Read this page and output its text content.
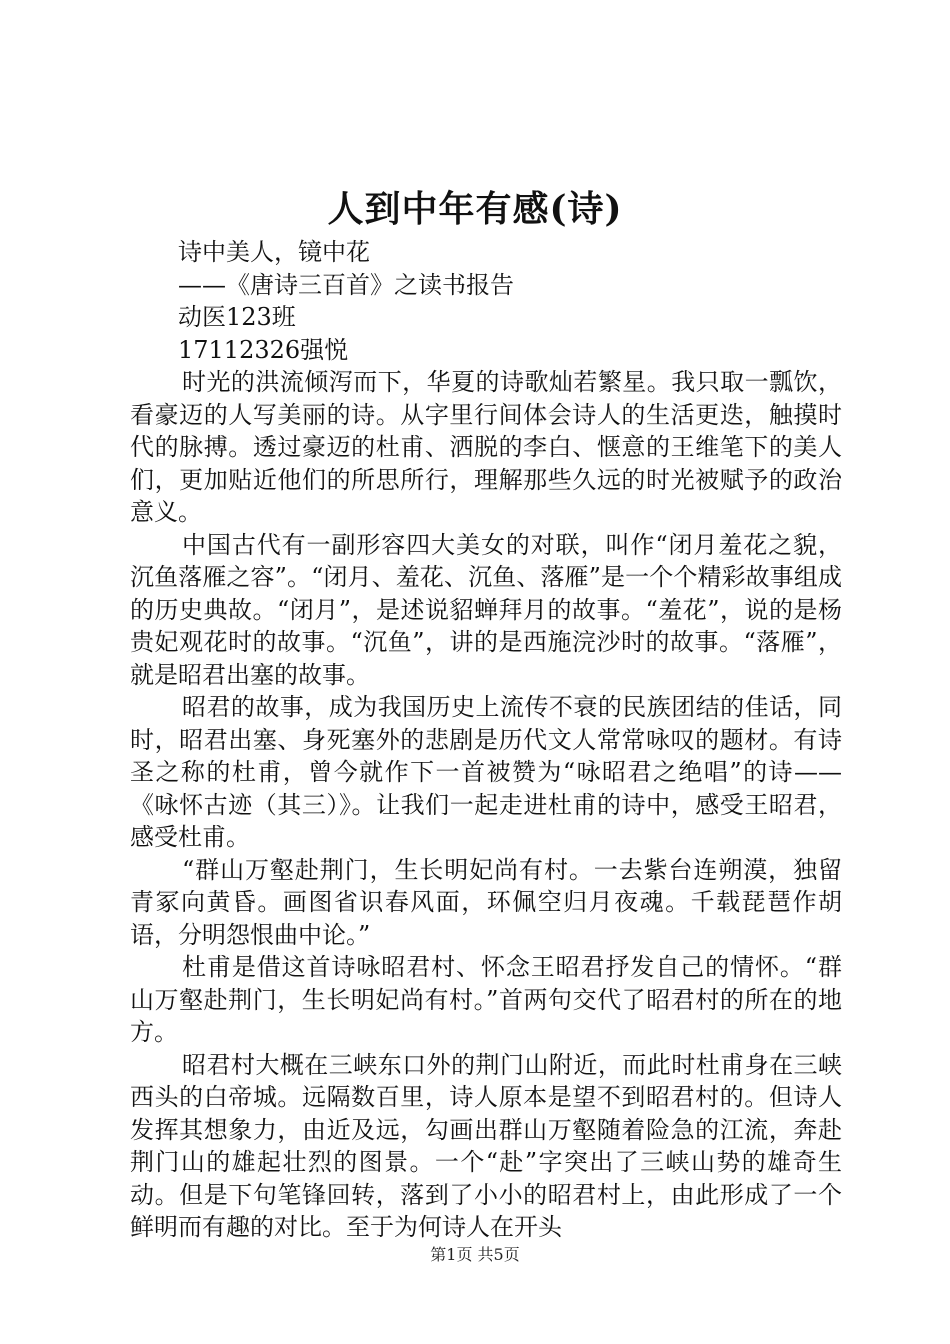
人到中年有感(诗)
诗中美人，镜中花
——《唐诗三百首》之读书报告
动医123班
17112326强悦

时光的洪流倾泻而下，华夏的诗歌灿若繁星。我只取一瓢饮，看豪迈的人写美丽的诗。从字里行间体会诗人的生活更迭，触摸时代的脉搏。透过豪迈的杜甫、洒脱的李白、惬意的王维笔下的美人们，更加贴近他们的所思所行，理解那些久远的时光被赋予的政治意义。

中国古代有一副形容四大美女的对联，叫作“闭月羞花之貌，沉鱼落雁之容”。“闭月、羞花、沉鱼、落雁”是一个个精彩故事组成的历史典故。“闭月”，是述说貂蝉拜月的故事。“羞花”，说的是杨贵妃观花时的故事。“沉鱼”，讲的是西施浣沙时的故事。“落雁”，就是昭君出塞的故事。

昭君的故事，成为我国历史上流传不衰的民族团结的佳话，同时，昭君出塞、身死塞外的悲剧是历代文人常常咏叹的题材。有诗圣之称的杜甫，曾今就作下一首被赞为“咏昭君之绝唱”的诗——《咏怀古迹（其三）》。让我们一起走进杜甫的诗中，感受王昭君，感受杜甫。

“群山万壑赴荆门，生长明妃尚有村。一去紫台连朔漠，独留青冢向黄昏。画图省识春风面，环佩空归月夜魂。千载琵琶作胡语，分明怨恨曲中论。”

杜甫是借这首诗咏昭君村、怀念王昭君抒发自己的情怀。“群山万壑赴荆门，生长明妃尚有村。”首两句交代了昭君村的所在的地方。

昭君村大概在三峡东口外的荆门山附近，而此时杜甫身在三峡西头的白帝城。远隔数百里，诗人原本是望不到昭君村的。但诗人发挥其想象力，由近及远，勾画出群山万壑随着险急的江流，奔赴荆门山的雄起壮烈的图景。一个“赴”字突出了三峡山势的雄奇生动。但是下句笔锋回转，落到了小小的昭君村上，由此形成了一个鲜明而有趣的对比。至于为何诗人在开头

第1页 共5页
